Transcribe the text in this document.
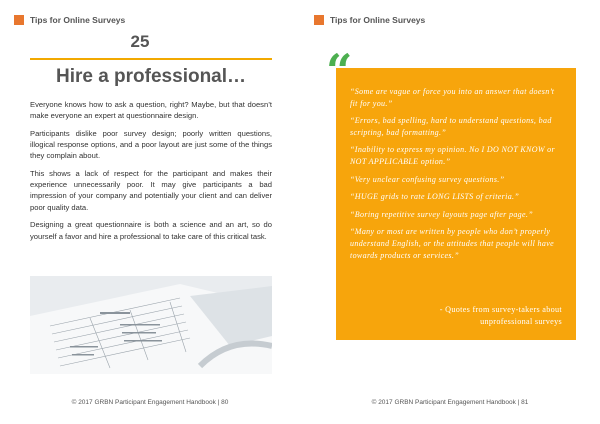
Tips for Online Surveys
25
Hire a professional…

Everyone knows how to ask a question, right? Maybe, but that doesn’t make everyone an expert at questionnaire design.

Participants dislike poor survey design; poorly written questions, illogical response options, and a poor layout are just some of the things they complain about.

This shows a lack of respect for the participant and makes their experience unnecessarily poor. It may give participants a bad impression of your company and potentially your client and can deliver poor quality data.

Designing a great questionnaire is both a science and an art, so do yourself a favor and hire a professional to take care of this critical task.

© 2017 GRBN Participant Engagement Handbook | 80
Tips for Online Surveys
“

“Some are vague or force you into an answer that doesn’t fit for you.”

“Errors, bad spelling, hard to understand questions, bad scripting, bad formatting.”

“Inability to express my opinion. No I DO NOT KNOW or NOT APPLICABLE option.”

“Very unclear confusing survey questions.”

“HUGE grids to rate LONG LISTS of criteria.”

“Boring repetitive survey layouts page after page.”

“Many or most are written by people who don’t properly understand English, or the attitudes that people will have towards products or services.”

- Quotes from survey-takers about
unprofessional surveys
© 2017 GRBN Participant Engagement Handbook | 81
